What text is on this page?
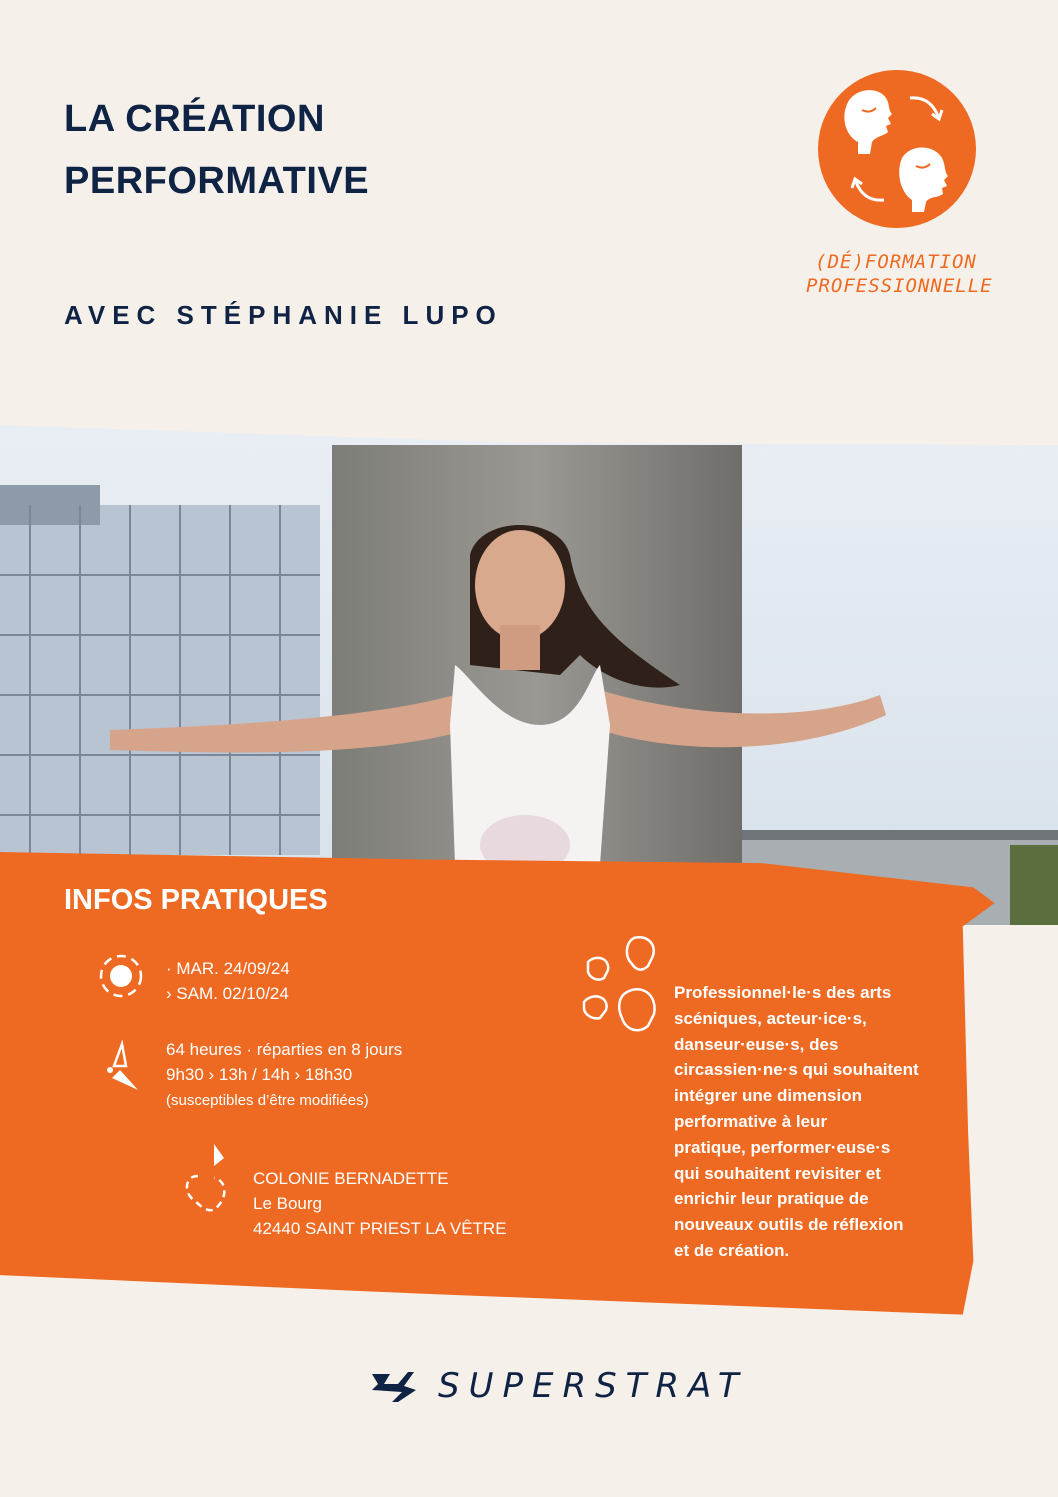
LA CRÉATION
PERFORMATIVE
AVEC STÉPHANIE LUPO
(DÉ)FORMATION
PROFESSIONNELLE
INFOS PRATIQUES
· MAR. 24/09/24
› SAM. 02/10/24
64 heures · réparties en 8 jours
9h30 › 13h / 14h › 18h30
(susceptibles d’être modifiées)
COLONIE BERNADETTE
Le Bourg
42440 SAINT PRIEST LA VÊTRE
Professionnel·le·s des arts
scéniques, acteur·ice·s,
danseur·euse·s, des
circassien·ne·s qui souhaitent
intégrer une dimension
performative à leur
pratique, performer·euse·s
qui souhaitent revisiter et
enrichir leur pratique de
nouveaux outils de réflexion
et de création.
SUPERSTRAT
